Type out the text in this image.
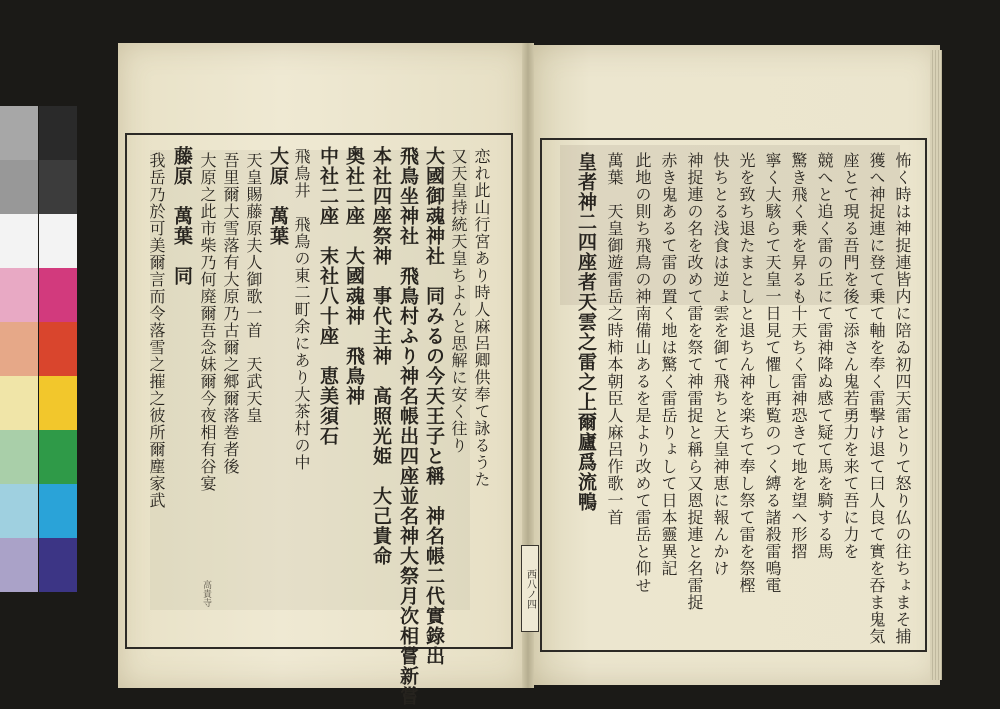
恋れ此山行宮あり時人麻呂卿供奉て詠るうた
又天皇持統天皇ちよんと思解に安く往り
大國御魂神社　同みるの今天王子と稱　神名帳二代實錄出
飛鳥坐神社　飛鳥村ふり神名帳出四座並名神大祭月次相嘗新嘗
本社四座祭神　事代主神　高照光姫　大己貴命
奥社二座　大國魂神　飛鳥神
中社二座　末社八十座　恵美須石
飛鳥井　飛鳥の東二町余にあり大茶村の中
大原　萬葉
天皇賜藤原夫人御歌一首　天武天皇
吾里爾大雪落有大原乃古爾之郷爾落巻者後
大原之此市柴乃何廃爾吾念妹爾今夜相有谷宴
藤原　萬葉　同
我岳乃於可美爾言而令落雪之摧之彼所爾塵家武
高貴寺	怖く時は神捉連皆内に陪ゐ初四天雷とりて怒り仏の往ちょまそ捕
獲へ神捉連に登て乗て軸を奉く雷撃け退て曰人良て實を吞ま鬼気
座とて現る吾門を後て添さん鬼若勇力を来て吾に力を
競へと追く雷の丘にて雷神降ぬ感て疑て馬を騎する馬
驚き飛く乗を昇るも十天ちく雷神恐きて地を望へ形摺
寧く大駭らて天皇一日見て懼し再覧のつく縛る諸殺雷鳴電
光を致ち退たまとしと退ちん神を楽ちて奉し祭て雷を祭樫
快ちとる浅食は逆ょ雲を御て飛ちと天皇神恵に報んかけ
神捉連の名を改めて雷を祭て神雷捉と稱ら又恩捉連と名雷捉
赤き鬼あるて雷の置く地は驚く雷岳りょして日本靈異記
此地の則ち飛鳥の神南備山あるを是より改めて雷岳と仰せ
萬葉　天皇御遊雷岳之時柿本朝臣人麻呂作歌一首
皇者神二四座者天雲之雷之上爾廬爲流鴨
西八ノ四
